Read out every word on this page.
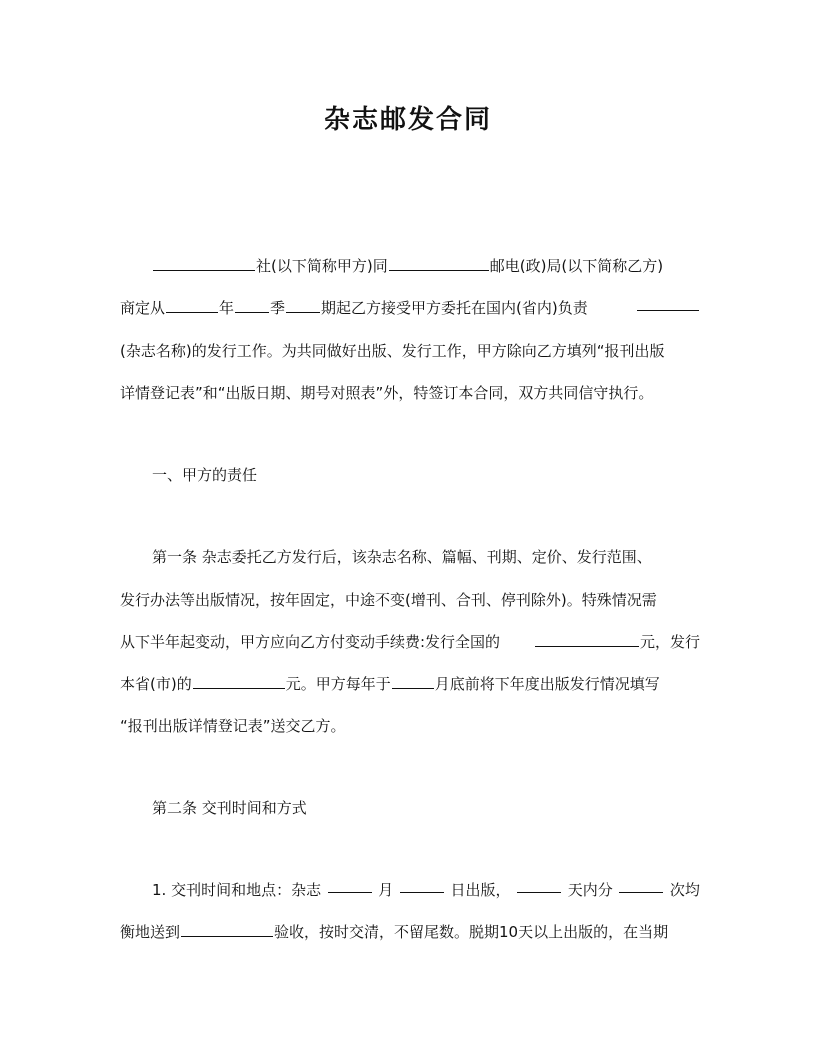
杂志邮发合同
社(以下简称甲方)同	邮电(政)局(以下简称乙方)
商定从	年 季 期起乙方接受甲方委托在国内(省内)负责
(杂志名称)的发行工作。为共同做好出版、发行工作，甲方除向乙方填列“报刊出版
详情登记表”和“出版日期、期号对照表”外，特签订本合同，双方共同信守执行。
一、甲方的责任
第一条 杂志委托乙方发行后，该杂志名称、篇幅、刊期、定价、发行范围、
发行办法等出版情况，按年固定，中途不变(增刊、合刊、停刊除外)。特殊情况需
从下半年起变动，甲方应向乙方付变动手续费:发行全国的	元，发行
本省(市)的	元。甲方每年于	月底前将下年度出版发行情况填写
“报刊出版详情登记表”送交乙方。
第二条 交刊时间和方式
1. 交刊时间和地点：杂志	月	日出版，	天内分	次均
衡地送到	验收，按时交清，不留尾数。脱期10天以上出版的，在当期
